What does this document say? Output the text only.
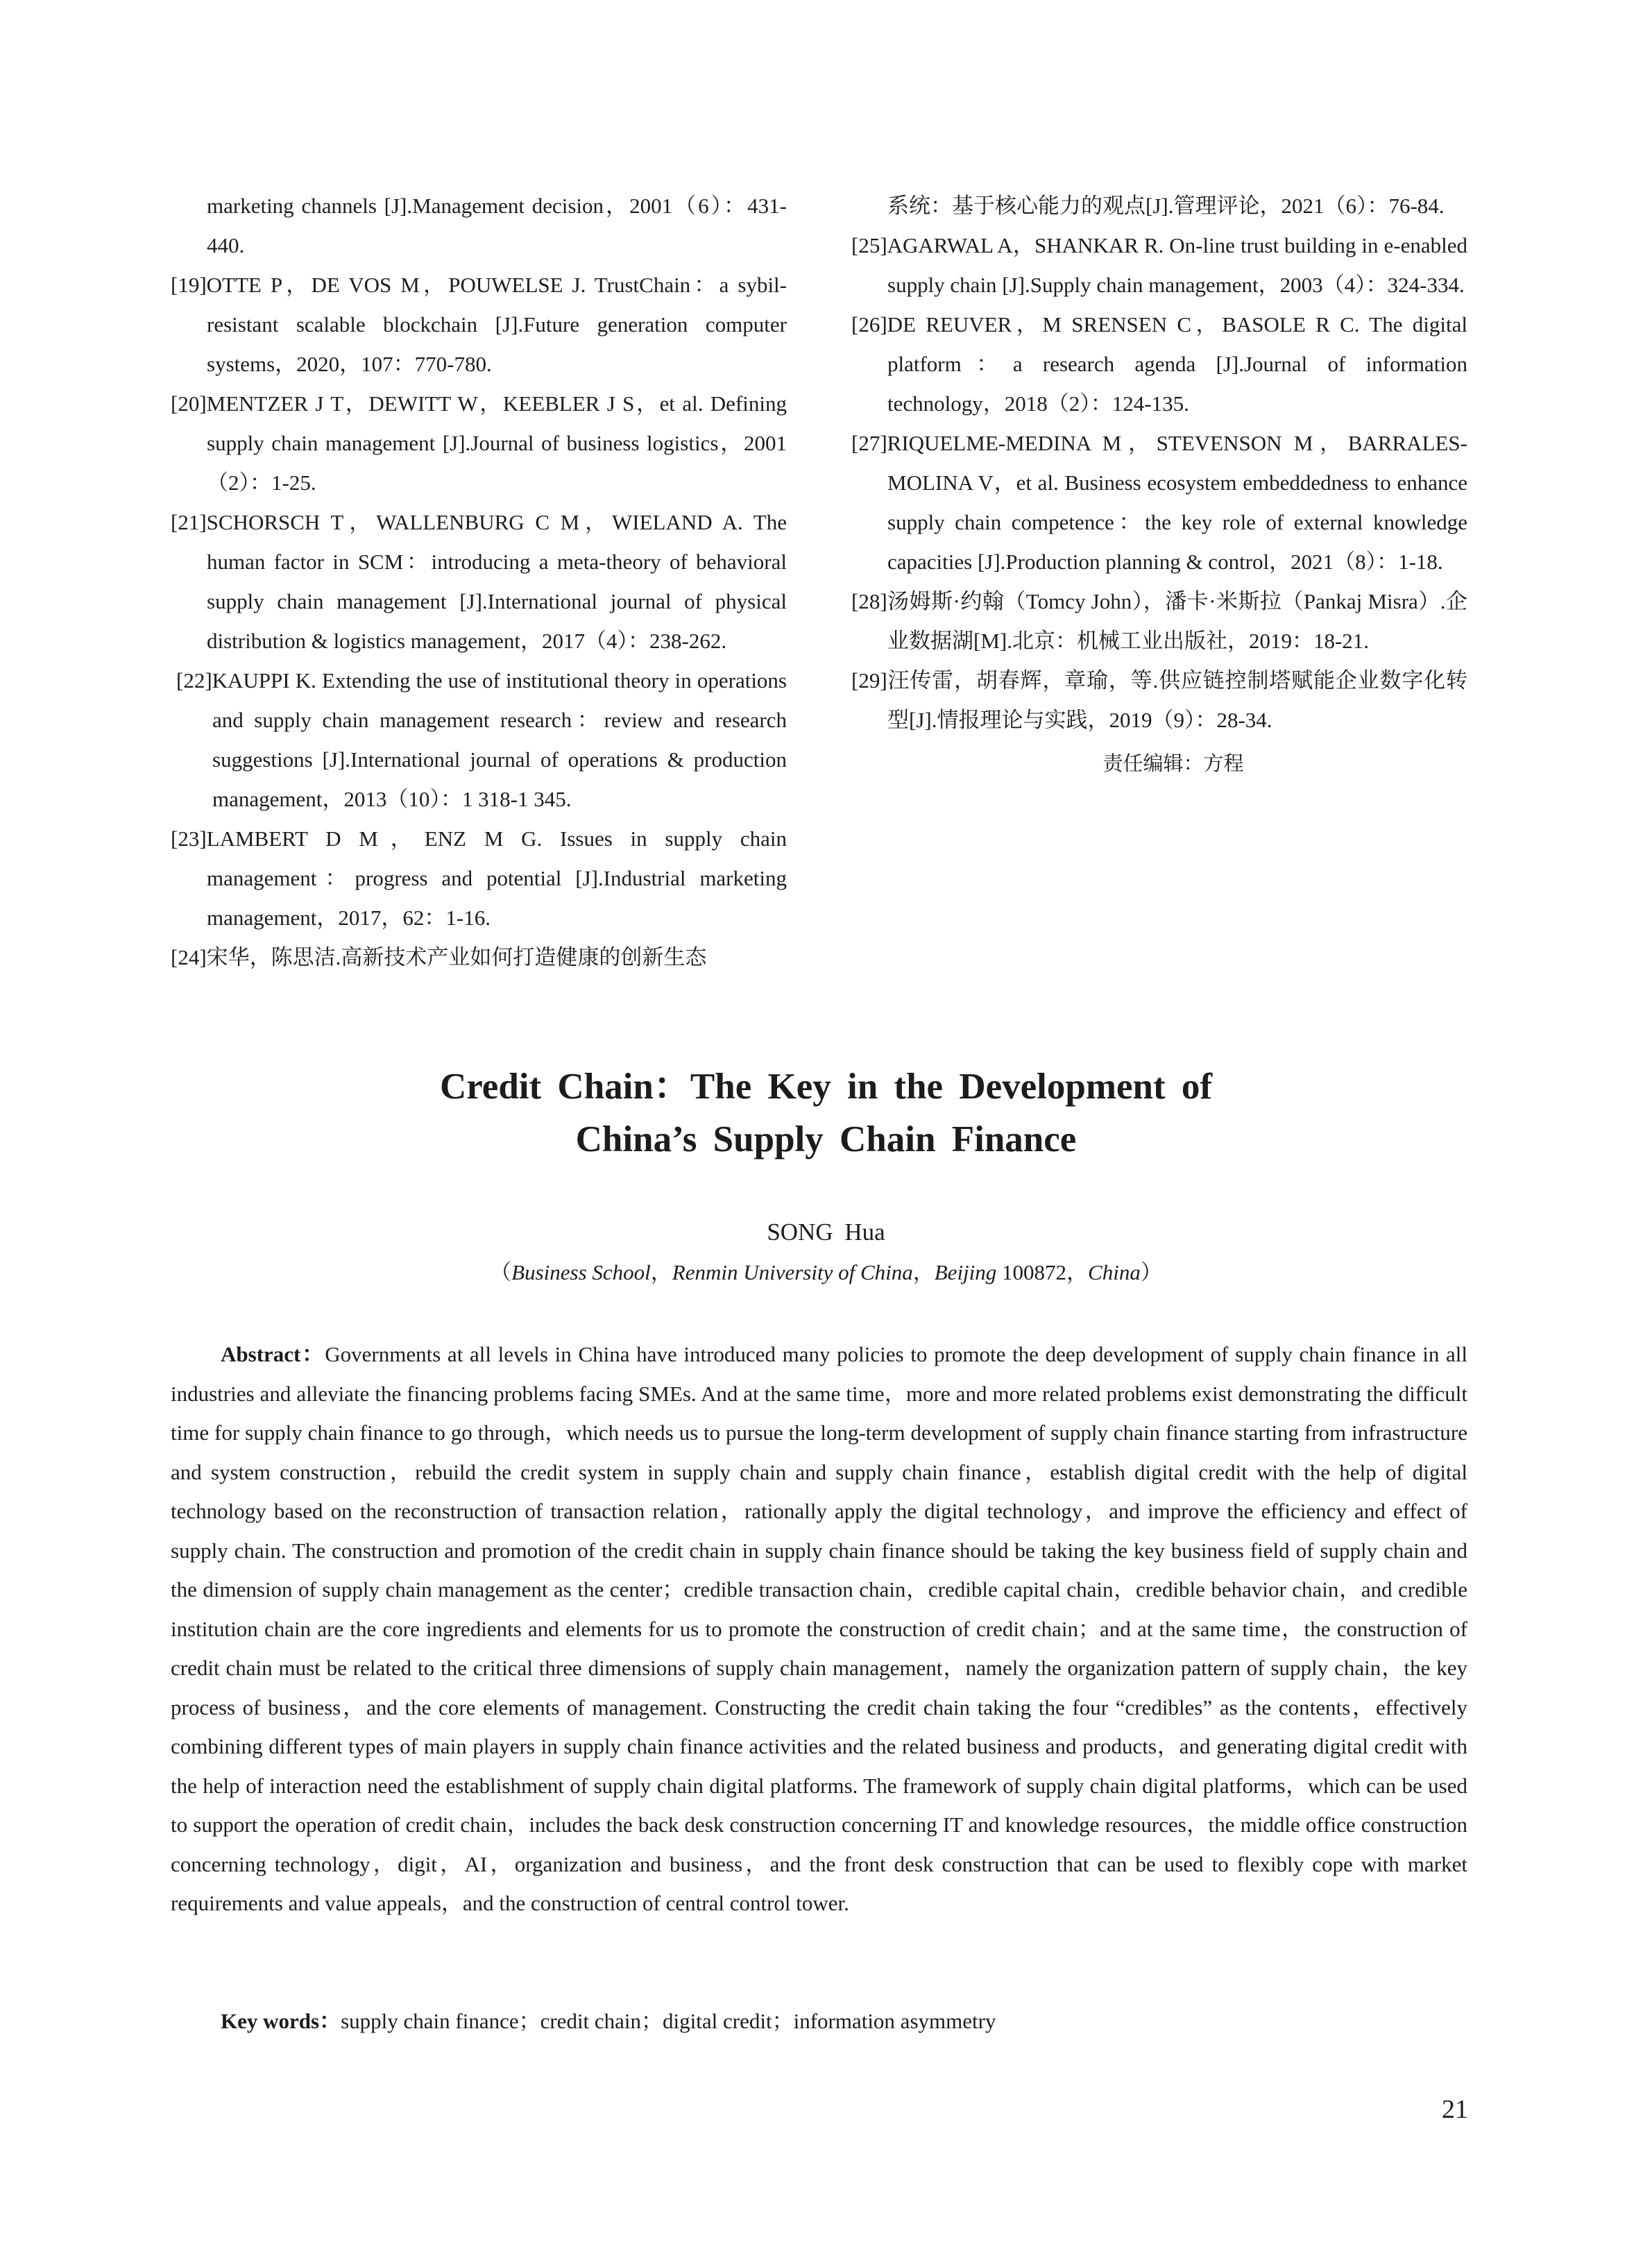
marketing channels [J].Management decision，2001（6）：431-440.

[19]OTTE P，DE VOS M，POUWELSE J. TrustChain：a sybil-resistant scalable blockchain [J].Future generation computer systems，2020，107：770-780.

[20]MENTZER J T，DEWITT W，KEEBLER J S，et al. Defining supply chain management [J].Journal of business logistics，2001（2）：1-25.

[21]SCHORSCH T，WALLENBURG C M，WIELAND A. The human factor in SCM：introducing a meta-theory of behavioral supply chain management [J].International journal of physical distribution & logistics management，2017（4）：238-262.

[22]KAUPPI K. Extending the use of institutional theory in operations and supply chain management research：review and research suggestions [J].International journal of operations & production management，2013（10）：1 318-1 345.

[23]LAMBERT D M，ENZ M G. Issues in supply chain management：progress and potential [J].Industrial marketing management，2017，62：1-16.

[24]宋华，陈思洁.高新技术产业如何打造健康的创新生态

系统：基于核心能力的观点[J].管理评论，2021（6）：76-84.

[25]AGARWAL A，SHANKAR R. On-line trust building in e-enabled supply chain [J].Supply chain management，2003（4）：324-334.

[26]DE REUVER，M SRENSEN C，BASOLE R C. The digital platform：a research agenda [J].Journal of information technology，2018（2）：124-135.

[27]RIQUELME-MEDINA M，STEVENSON M，BARRALES-MOLINA V，et al. Business ecosystem embeddedness to enhance supply chain competence：the key role of external knowledge capacities [J].Production planning & control，2021（8）：1-18.

[28]汤姆斯·约翰（Tomcy John），潘卡·米斯拉（Pankaj Misra）.企业数据湖[M].北京：机械工业出版社，2019：18-21.

[29]汪传雷，胡春辉，章瑜，等.供应链控制塔赋能企业数字化转型[J].情报理论与实践，2019（9）：28-34.

责任编辑：方程
Credit Chain：The Key in the Development of
China’s Supply Chain Finance
SONG Hua
（Business School，Renmin University of China，Beijing 100872，China）

Abstract：Governments at all levels in China have introduced many policies to promote the deep development of supply chain finance in all industries and alleviate the financing problems facing SMEs. And at the same time，more and more related problems exist demonstrating the difficult time for supply chain finance to go through，which needs us to pursue the long-term development of supply chain finance starting from infrastructure and system construction，rebuild the credit system in supply chain and supply chain finance，establish digital credit with the help of digital technology based on the reconstruction of transaction relation，rationally apply the digital technology，and improve the efficiency and effect of supply chain. The construction and promotion of the credit chain in supply chain finance should be taking the key business field of supply chain and the dimension of supply chain management as the center；credible transaction chain，credible capital chain，credible behavior chain，and credible institution chain are the core ingredients and elements for us to promote the construction of credit chain；and at the same time，the construction of credit chain must be related to the critical three dimensions of supply chain management，namely the organization pattern of supply chain，the key process of business，and the core elements of management. Constructing the credit chain taking the four “credibles” as the contents，effectively combining different types of main players in supply chain finance activities and the related business and products，and generating digital credit with the help of interaction need the establishment of supply chain digital platforms. The framework of supply chain digital platforms，which can be used to support the operation of credit chain，includes the back desk construction concerning IT and knowledge resources，the middle office construction concerning technology，digit，AI，organization and business，and the front desk construction that can be used to flexibly cope with market requirements and value appeals，and the construction of central control tower.

Key words：supply chain finance；credit chain；digital credit；information asymmetry

21
